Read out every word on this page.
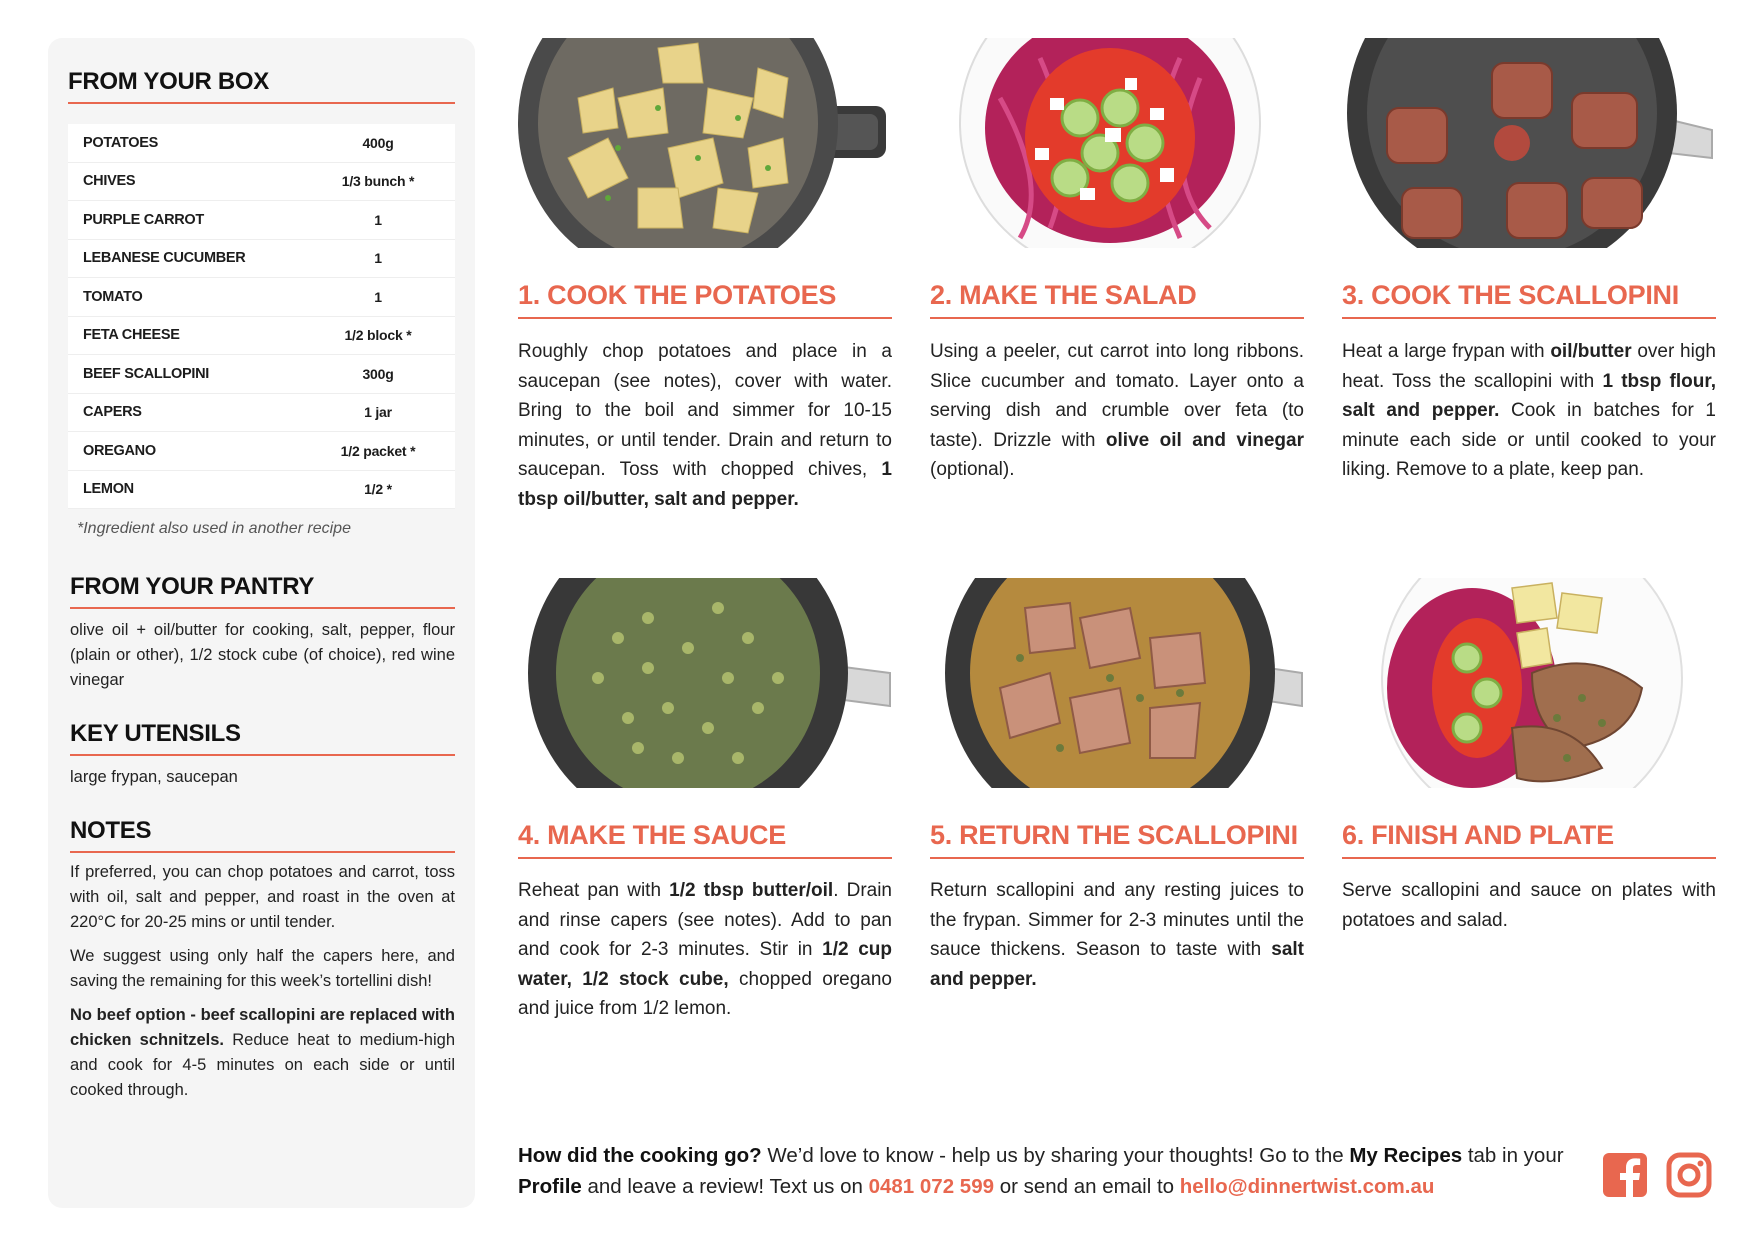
FROM YOUR BOX
POTATOES	400g
CHIVES	1/3 bunch *
PURPLE CARROT	1
LEBANESE CUCUMBER	1
TOMATO	1
FETA CHEESE	1/2 block *
BEEF SCALLOPINI	300g
CAPERS	1 jar
OREGANO	1/2 packet *
LEMON	1/2 *
*Ingredient also used in another recipe
FROM YOUR PANTRY
olive oil + oil/butter for cooking, salt, pepper, flour (plain or other), 1/2 stock cube (of choice), red wine vinegar
KEY UTENSILS
large frypan, saucepan
NOTES

If preferred, you can chop potatoes and carrot, toss with oil, salt and pepper, and roast in the oven at 220°C for 20-25 mins or until tender.

We suggest using only half the capers here, and saving the remaining for this week’s tortellini dish!

No beef option - beef scallopini are replaced with chicken schnitzels. Reduce heat to medium-high and cook for 4-5 minutes on each side or until cooked through.

1. COOK THE POTATOES	2. MAKE THE SALAD	3. COOK THE SCALLOPINI
Roughly chop potatoes and place in a saucepan (see notes), cover with water. Bring to the boil and simmer for 10-15 minutes, or until tender. Drain and return to saucepan. Toss with chopped chives, 1 tbsp oil/butter, salt and pepper.
Using a peeler, cut carrot into long ribbons. Slice cucumber and tomato. Layer onto a serving dish and crumble over feta (to taste). Drizzle with olive oil and vinegar (optional).
Heat a large frypan with oil/butter over high heat. Toss the scallopini with 1 tbsp flour, salt and pepper. Cook in batches for 1 minute each side or until cooked to your liking. Remove to a plate, keep pan.
4. MAKE THE SAUCE	5. RETURN THE SCALLOPINI 6. FINISH AND PLATE
Reheat pan with 1/2 tbsp butter/oil. Drain and rinse capers (see notes). Add to pan and cook for 2-3 minutes. Stir in 1/2 cup water, 1/2 stock cube, chopped oregano and juice from 1/2 lemon.
Return scallopini and any resting juices to the frypan. Simmer for 2-3 minutes until the sauce thickens. Season to taste with salt and pepper.
Serve scallopini and sauce on plates with potatoes and salad.
How did the cooking go? We’d love to know - help us by sharing your thoughts! Go to the My Recipes tab in your Profile and leave a review! Text us on 0481 072 599 or send an email to hello@dinnertwist.com.au
